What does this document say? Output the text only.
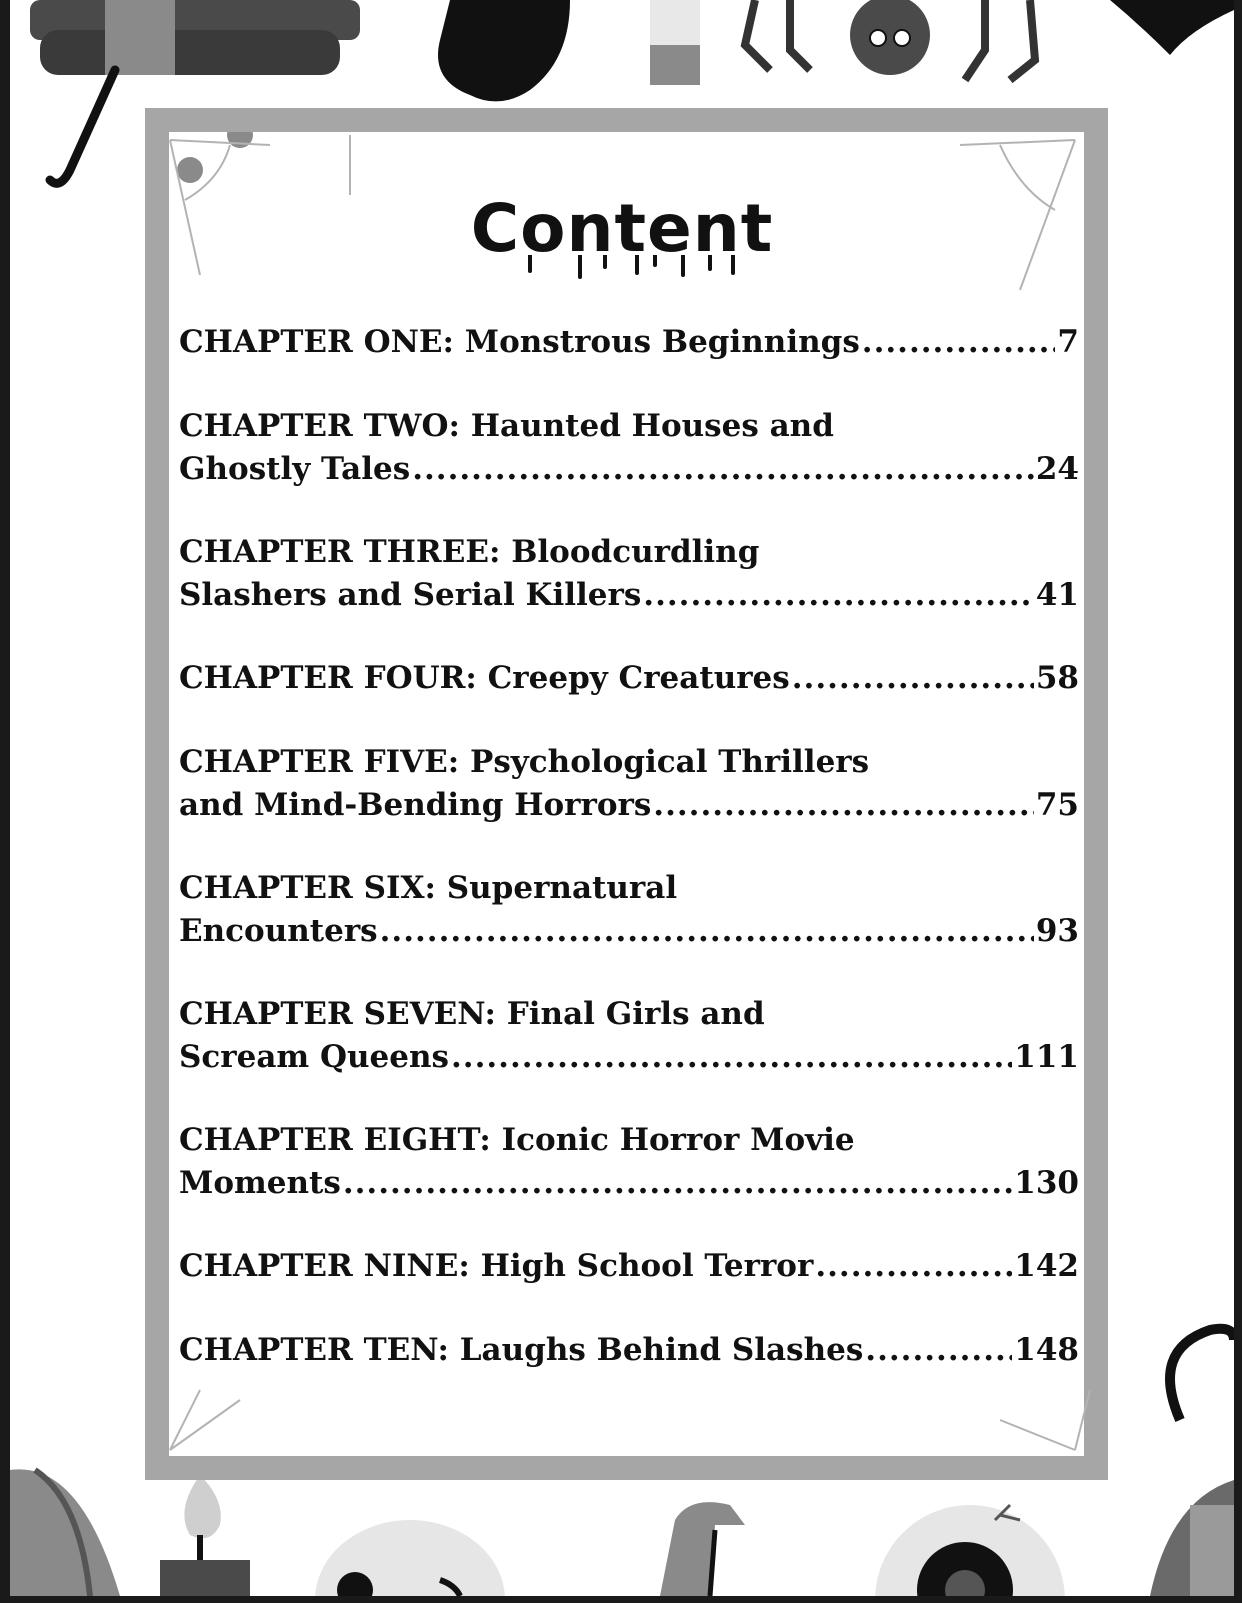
Content
CHAPTER ONE: Monstrous Beginnings .....	7
CHAPTER TWO: Haunted Houses and
Ghostly Tales .....	24
CHAPTER THREE: Bloodcurdling
Slashers and Serial Killers .....	41
CHAPTER FOUR: Creepy Creatures .....	58
CHAPTER FIVE: Psychological Thrillers
and Mind-Bending Horrors .....	75
CHAPTER SIX: Supernatural
Encounters .....	93
CHAPTER SEVEN: Final Girls and
Scream Queens .....	111
CHAPTER EIGHT: Iconic Horror Movie
Moments .....	130
CHAPTER NINE: High School Terror .....	142
CHAPTER TEN: Laughs Behind Slashes .....	148
